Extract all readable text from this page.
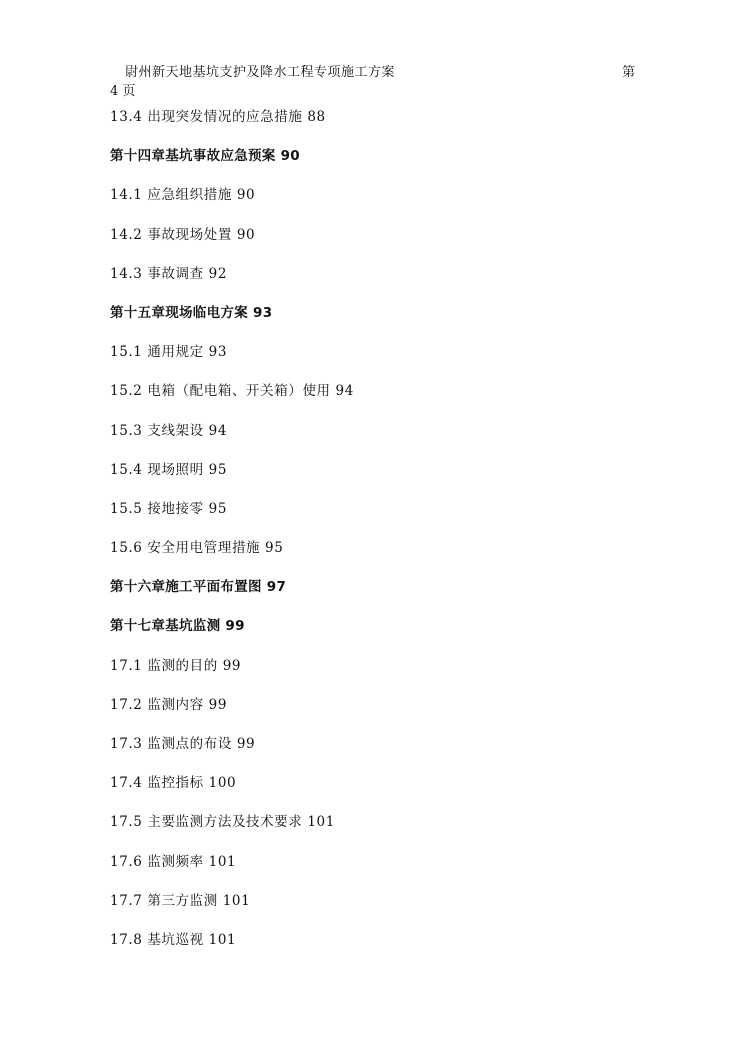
尉州新天地基坑支护及降水工程专项施工方案	第
4 页
13.4 出现突发情况的应急措施 88
第十四章基坑事故应急预案 90
14.1 应急组织措施 90
14.2 事故现场处置 90
14.3 事故调查 92
第十五章现场临电方案 93
15.1 通用规定 93
15.2 电箱（配电箱、开关箱）使用 94
15.3 支线架设 94
15.4 现场照明 95
15.5 接地接零 95
15.6 安全用电管理措施 95
第十六章施工平面布置图 97
第十七章基坑监测 99
17.1 监测的目的 99
17.2 监测内容 99
17.3 监测点的布设 99
17.4 监控指标 100
17.5 主要监测方法及技术要求 101
17.6 监测频率 101
17.7 第三方监测 101
17.8 基坑巡视 101
